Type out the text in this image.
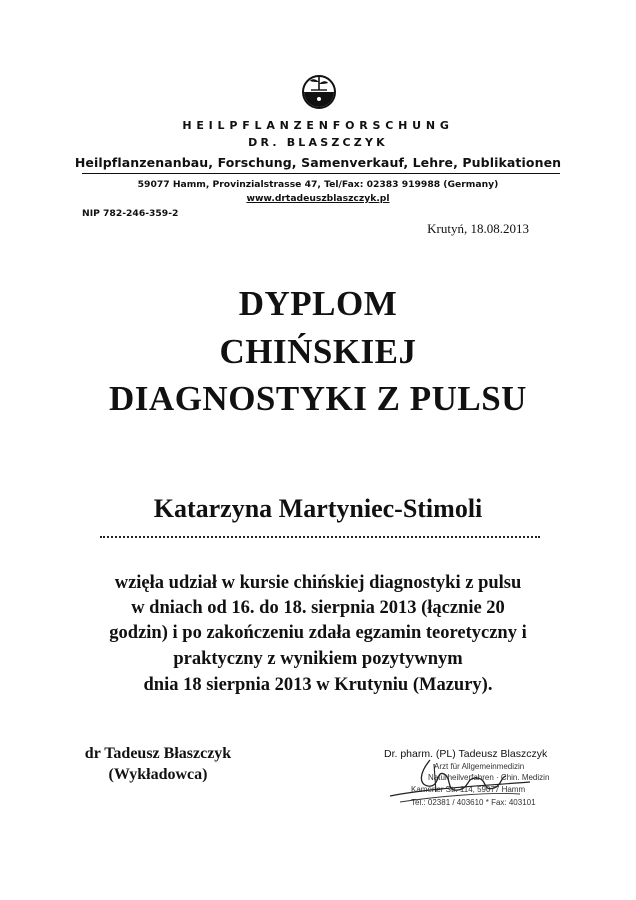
HEILPFLANZENFORSCHUNG
DR. BLASZCZYK
Heilpflanzenanbau, Forschung, Samenverkauf, Lehre, Publikationen
59077 Hamm, Provinzialstrasse 47, Tel/Fax: 02383 919988 (Germany)
www.drtadeuszblaszczyk.pl
NIP 782-246-359-2
Krutyń, 18.08.2013
DYPLOM
CHIŃSKIEJ
DIAGNOSTYKI Z PULSU
Katarzyna Martyniec-Stimoli
wzięła udział w kursie chińskiej diagnostyki z pulsu
w dniach od 16. do 18. sierpnia 2013 (łącznie 20
godzin) i po zakończeniu zdała egzamin teoretyczny i
praktyczny z wynikiem pozytywnym
dnia 18 sierpnia 2013 w Krutyniu (Mazury).
dr Tadeusz Błaszczyk
(Wykładowca)
Dr. pharm. (PL) Tadeusz Blaszczyk
Arzt für Allgemeinmedizin
Naturheilverfahren · Chin. Medizin
Kamener Str. 114, 59077 Hamm
Tel.: 02381 / 403610 * Fax: 403101
